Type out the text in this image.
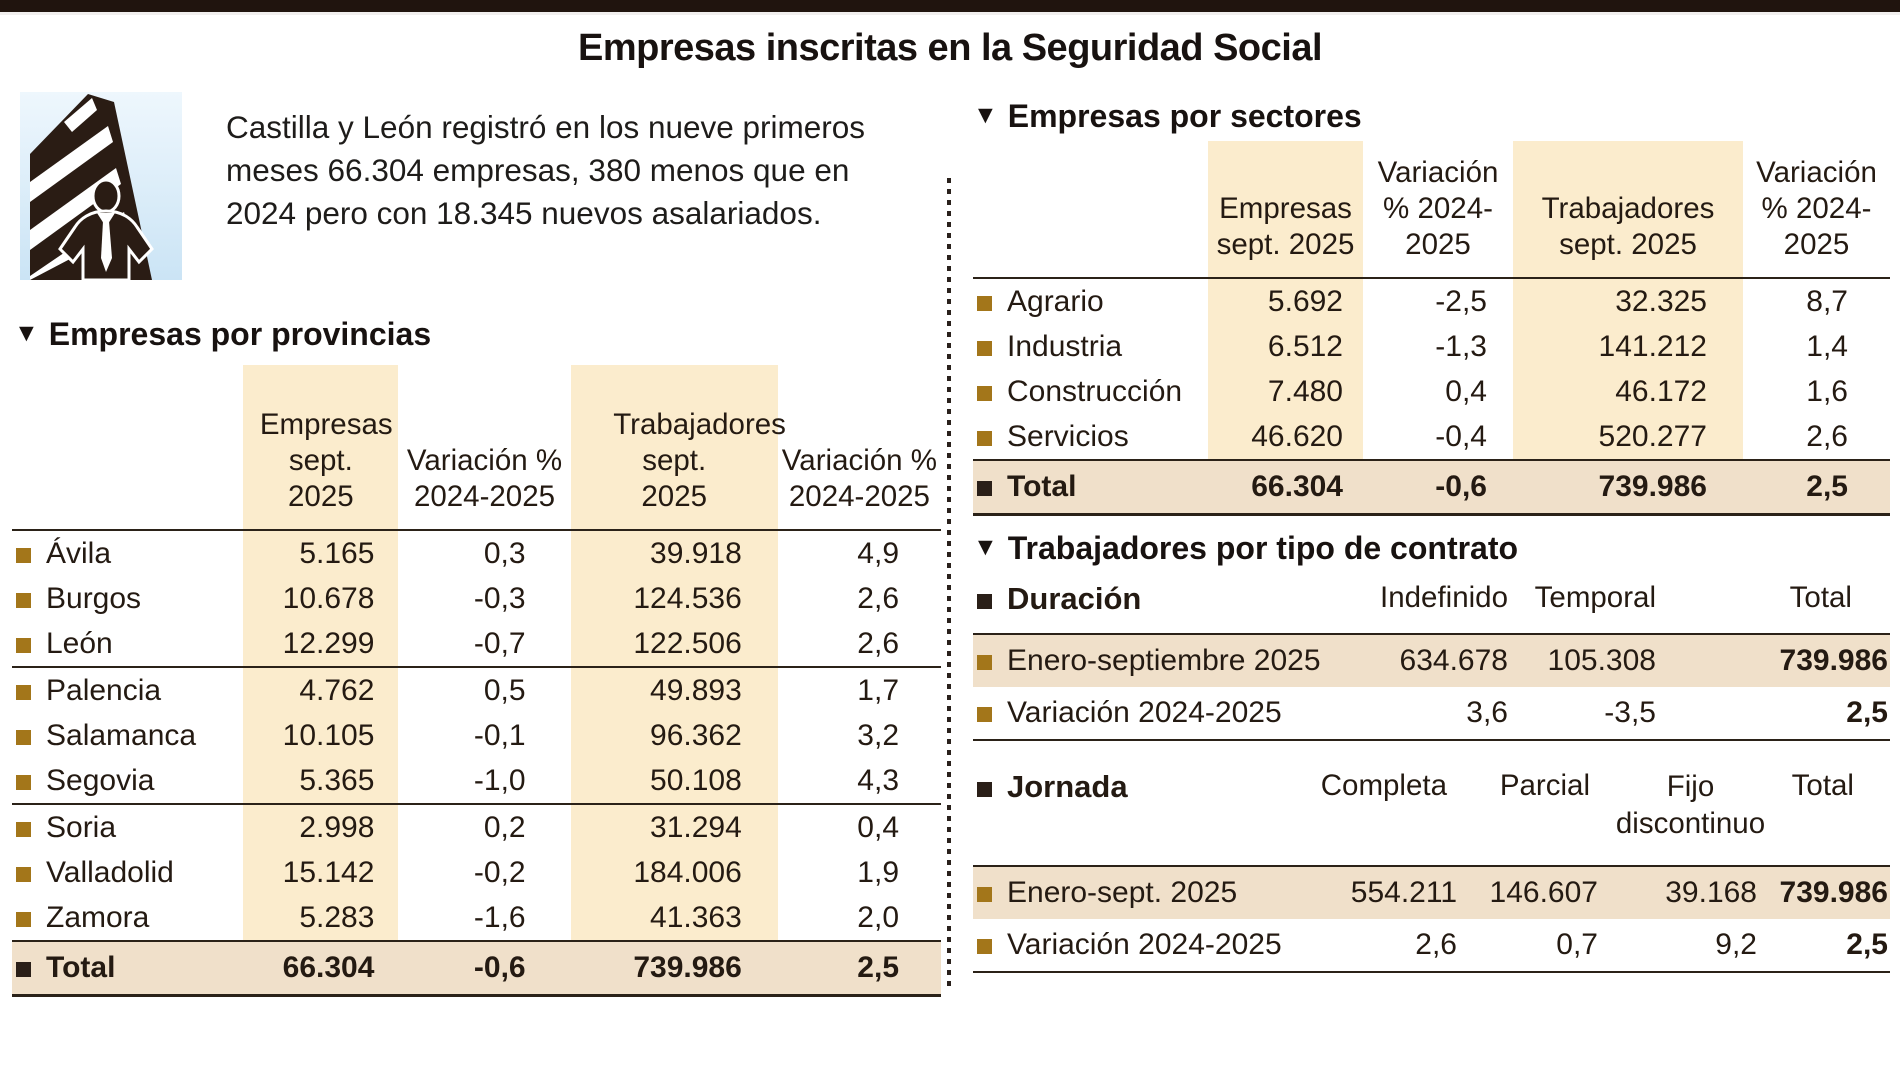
Empresas inscritas en la Seguridad Social
Castilla y León registró en los nueve primeros meses 66.304 empresas, 380 menos que en 2024 pero con 18.345 nuevos asalariados.
▼ Empresas por provincias

	Empresas sept. 2025	Variación % 2024-2025	Trabajadores sept. 2025	Variación % 2024-2025

Ávila	5.165	0,3	39.918	4,9
Burgos	10.678	-0,3	124.536	2,6
León	12.299	-0,7	122.506	2,6
Palencia	4.762	0,5	49.893	1,7
Salamanca	10.105	-0,1	96.362	3,2
Segovia	5.365	-1,0	50.108	4,3
Soria	2.998	0,2	31.294	0,4
Valladolid	15.142	-0,2	184.006	1,9
Zamora	5.283	-1,6	41.363	2,0
Total	66.304	-0,6	739.986	2,5
▼ Empresas por sectores

	Empresas sept. 2025	Variación % 2024-2025	Trabajadores sept. 2025	Variación % 2024-2025

Agrario	5.692	-2,5	32.325	8,7
Industria	6.512	-1,3	141.212	1,4
Construcción	7.480	0,4	46.172	1,6
Servicios	46.620	-0,4	520.277	2,6
Total	66.304	-0,6	739.986	2,5
▼ Trabajadores por tipo de contrato
Duración	Indefinido	Temporal	Total
Enero-septiembre 2025	634.678	105.308	739.986
Variación 2024-2025	3,6	-3,5	2,5
Jornada	Completa	Parcial	Fijo discontinuo	Total
Enero-sept. 2025	554.211	146.607	39.168	739.986
Variación 2024-2025	2,6	0,7	9,2	2,5
